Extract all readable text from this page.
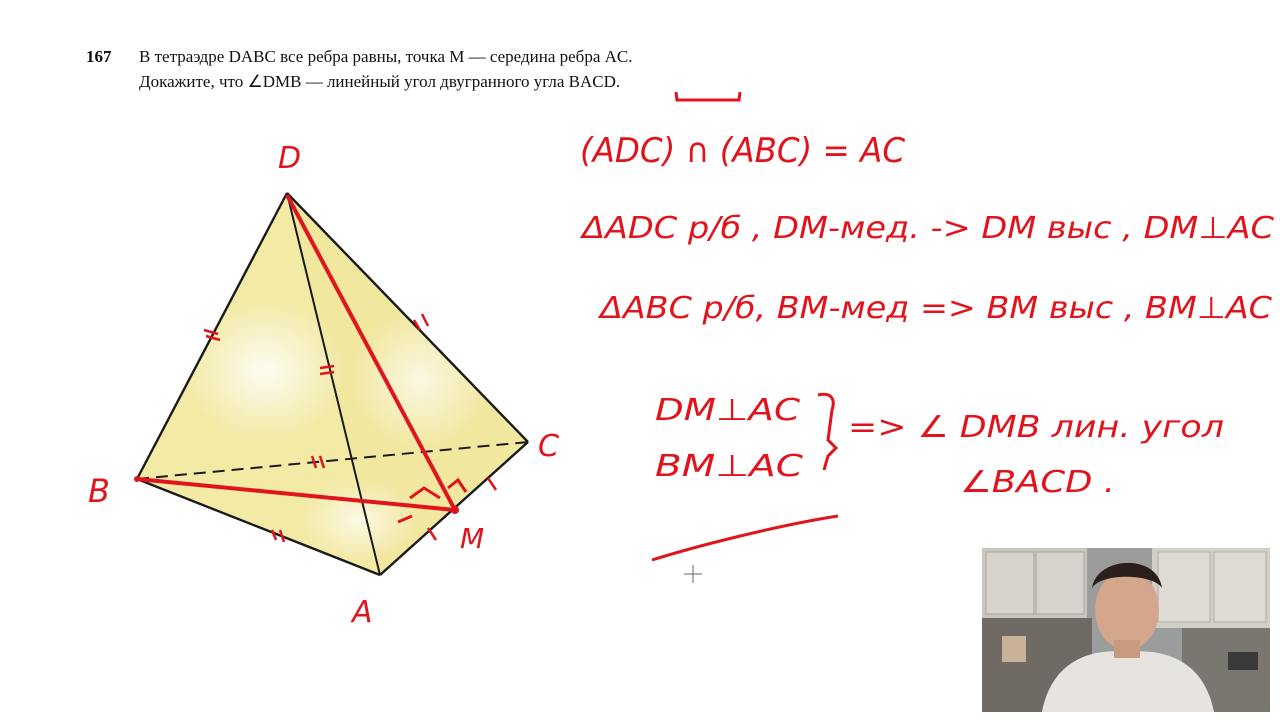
167 В тетраэдре DABC все ребра равны, точка M — середина ребра AC.
Докажите, что ∠DMB — линейный угол двугранного угла BACD.
D
B
C
A
M
(ADC) ∩ (ABC) = AC
ΔADC р/б , DM-мед. -> DM выс , DM⊥AC
ΔABC р/б, BM-мед => BM выс , BM⊥AC
DM⊥AC
BM⊥AC
=> ∠ DMB лин. угол
∠BACD .
